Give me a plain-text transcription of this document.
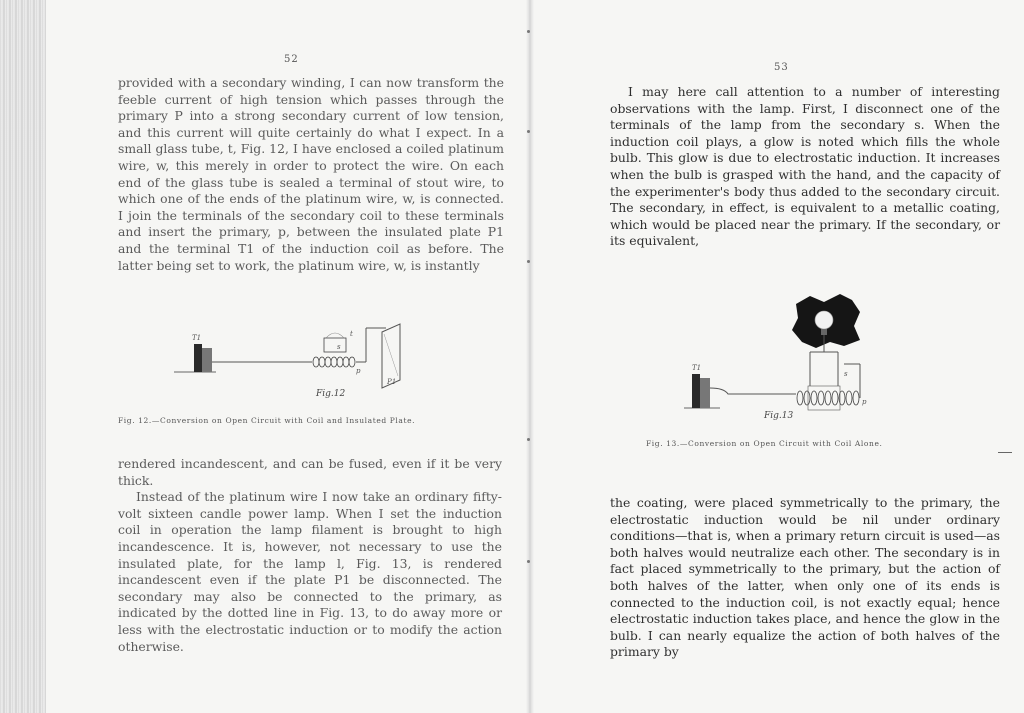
52

provided with a secondary winding, I can now transform the feeble current of high tension which passes through the primary P into a strong secondary current of low tension, and this current will quite certainly do what I expect. In a small glass tube, t, Fig. 12, I have enclosed a coiled platinum wire, w, this merely in order to protect the wire. On each end of the glass tube is sealed a terminal of stout wire, to which one of the ends of the platinum wire, w, is connected. I join the terminals of the secondary coil to these terminals and insert the primary, p, between the insulated plate P1 and the terminal T1 of the induction coil as before. The latter being set to work, the platinum wire, w, is instantly

T1	t
s
p
P1
Fig.12
Fig. 12.—Conversion on Open Circuit with Coil and Insulated Plate.

rendered incandescent, and can be fused, even if it be very thick.

Instead of the platinum wire I now take an ordinary fifty-volt sixteen candle power lamp. When I set the induction coil in operation the lamp filament is brought to high incandescence. It is, however, not necessary to use the insulated plate, for the lamp l, Fig. 13, is rendered incandescent even if the plate P1 be disconnected. The secondary may also be connected to the primary, as indicated by the dotted line in Fig. 13, to do away more or less with the electrostatic induction or to modify the action otherwise.

53

I may here call attention to a number of interesting observations with the lamp. First, I disconnect one of the terminals of the lamp from the secondary s. When the induction coil plays, a glow is noted which fills the whole bulb. This glow is due to electrostatic induction. It increases when the bulb is grasped with the hand, and the capacity of the experimenter's body thus added to the secondary circuit. The secondary, in effect, is equivalent to a metallic coating, which would be placed near the primary. If the secondary, or its equivalent,

T1
s
p
Fig.13
Fig. 13.—Conversion on Open Circuit with Coil Alone.

the coating, were placed symmetrically to the primary, the electrostatic induction would be nil under ordinary conditions—that is, when a primary return circuit is used—as both halves would neutralize each other. The secondary is in fact placed symmetrically to the primary, but the action of both halves of the latter, when only one of its ends is connected to the induction coil, is not exactly equal; hence electrostatic induction takes place, and hence the glow in the bulb. I can nearly equalize the action of both halves of the primary by
